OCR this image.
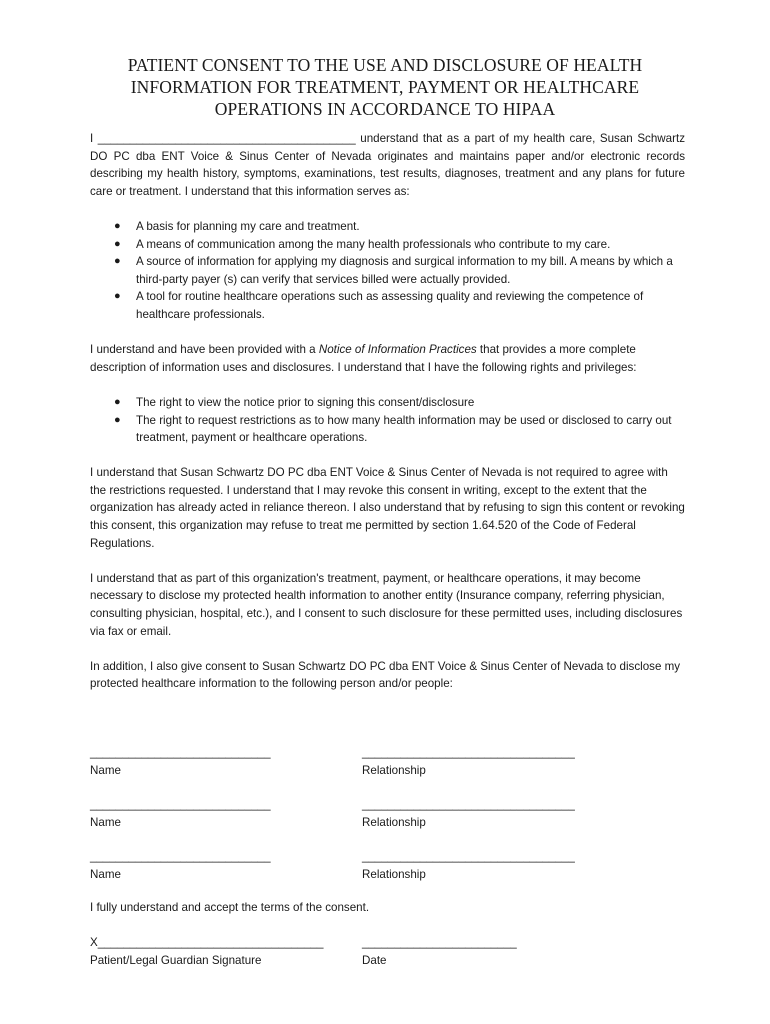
PATIENT CONSENT TO THE USE AND DISCLOSURE OF HEALTH
INFORMATION FOR TREATMENT, PAYMENT OR HEALTHCARE
OPERATIONS IN ACCORDANCE TO HIPAA

I ________________________________________ understand that as a part of my health care, Susan Schwartz DO PC dba ENT Voice & Sinus Center of Nevada originates and maintains paper and/or electronic records describing my health history, symptoms, examinations, test results, diagnoses, treatment and any plans for future care or treatment. I understand that this information serves as:

● A basis for planning my care and treatment.
● A means of communication among the many health professionals who contribute to my care.
● A source of information for applying my diagnosis and surgical information to my bill. A means by which a third-party payer (s) can verify that services billed were actually provided.
● A tool for routine healthcare operations such as assessing quality and reviewing the competence of healthcare professionals.

I understand and have been provided with a Notice of Information Practices that provides a more complete description of information uses and disclosures. I understand that I have the following rights and privileges:

● The right to view the notice prior to signing this consent/disclosure
● The right to request restrictions as to how many health information may be used or disclosed to carry out treatment, payment or healthcare operations.

I understand that Susan Schwartz DO PC dba ENT Voice & Sinus Center of Nevada is not required to agree with the restrictions requested. I understand that I may revoke this consent in writing, except to the extent that the organization has already acted in reliance thereon. I also understand that by refusing to sign this content or revoking this consent, this organization may refuse to treat me permitted by section 1.64.520 of the Code of Federal Regulations.

I understand that as part of this organization's treatment, payment, or healthcare operations, it may become necessary to disclose my protected health information to another entity (Insurance company, referring physician, consulting physician, hospital, etc.), and I consent to such disclosure for these permitted uses, including disclosures via fax or email.

In addition, I also give consent to Susan Schwartz DO PC dba ENT Voice & Sinus Center of Nevada to disclose my protected healthcare information to the following person and/or people:

____________________________
Name
_________________________________
Relationship
____________________________
Name
_________________________________
Relationship
____________________________
Name
_________________________________
Relationship
I fully understand and accept the terms of the consent.
X___________________________________
Patient/Legal Guardian Signature
________________________
Date
